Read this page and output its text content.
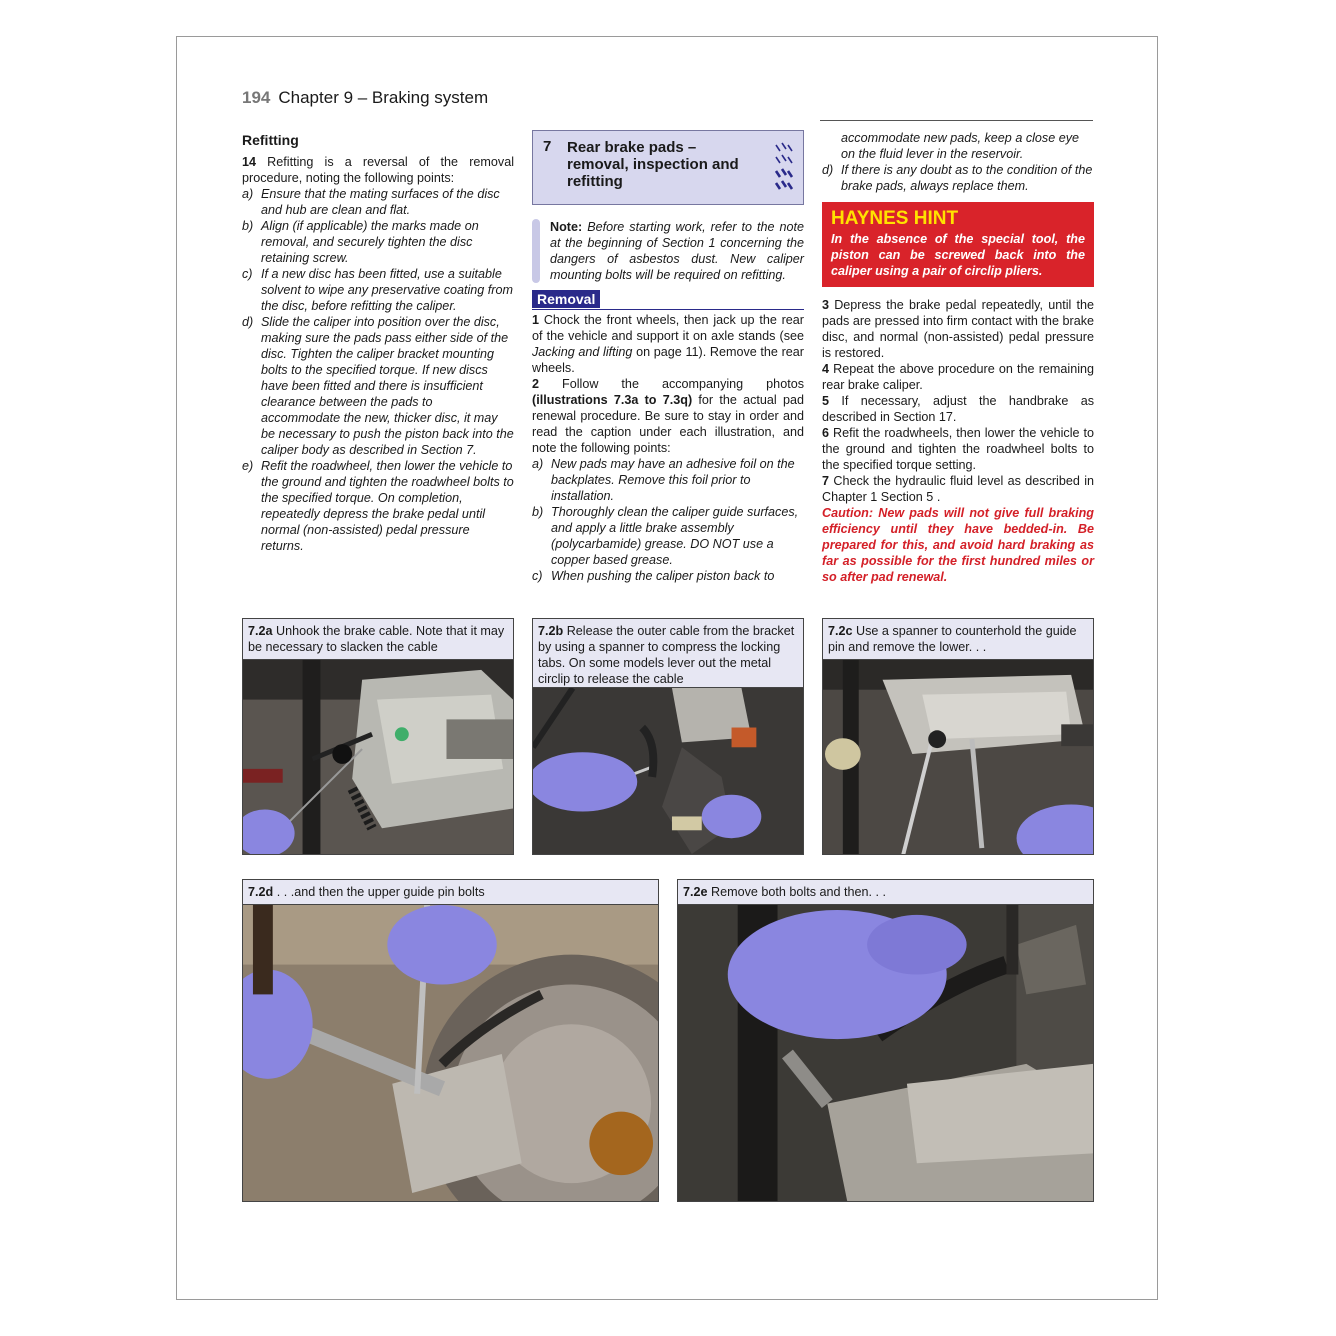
194 Chapter 9 – Braking system

Refitting

14 Refitting is a reversal of the removal procedure, noting the following points:

a) Ensure that the mating surfaces of the disc and hub are clean and flat.
b) Align (if applicable) the marks made on removal, and securely tighten the disc retaining screw.
c) If a new disc has been fitted, use a suitable solvent to wipe any preservative coating from the disc, before refitting the caliper.
d) Slide the caliper into position over the disc, making sure the pads pass either side of the disc. Tighten the caliper bracket mounting bolts to the specified torque. If new discs have been fitted and there is insufficient clearance between the pads to accommodate the new, thicker disc, it may be necessary to push the piston back into the caliper body as described in Section 7.
e) Refit the roadwheel, then lower the vehicle to the ground and tighten the roadwheel bolts to the specified torque. On completion, repeatedly depress the brake pedal until normal (non-assisted) pedal pressure returns.
7	Rear brake pads – removal, inspection and refitting
Note: Before starting work, refer to the note at the beginning of Section 1 concerning the dangers of asbestos dust. New caliper mounting bolts will be required on refitting.

Removal

1 Chock the front wheels, then jack up the rear of the vehicle and support it on axle stands (see Jacking and lifting on page 11). Remove the rear wheels.

2 Follow the accompanying photos (illustrations 7.3a to 7.3q) for the actual pad renewal procedure. Be sure to stay in order and read the caption under each illustration, and note the following points:

a) New pads may have an adhesive foil on the backplates. Remove this foil prior to installation.
b) Thoroughly clean the caliper guide surfaces, and apply a little brake assembly (polycarbamide) grease. DO NOT use a copper based grease.
c) When pushing the caliper piston back to

accommodate new pads, keep a close eye on the fluid lever in the reservoir.

d) If there is any doubt as to the condition of the brake pads, always replace them.
HAYNES HINT
In the absence of the special tool, the piston can be screwed back into the caliper using a pair of circlip pliers.

3 Depress the brake pedal repeatedly, until the pads are pressed into firm contact with the brake disc, and normal (non-assisted) pedal pressure is restored.

4 Repeat the above procedure on the remaining rear brake caliper.

5 If necessary, adjust the handbrake as described in Section 17.

6 Refit the roadwheels, then lower the vehicle to the ground and tighten the roadwheel bolts to the specified torque setting.

7 Check the hydraulic fluid level as described in Chapter 1 Section 5 .

Caution: New pads will not give full braking efficiency until they have bedded-in. Be prepared for this, and avoid hard braking as far as possible for the first hundred miles or so after pad renewal.

7.2a Unhook the brake cable. Note that it may be necessary to slacken the cable
7.2b Release the outer cable from the bracket by using a spanner to compress the locking tabs. On some models lever out the metal circlip to release the cable
7.2c Use a spanner to counterhold the guide pin and remove the lower. . .
7.2d . . .and then the upper guide pin bolts	7.2e Remove both bolts and then. . .
